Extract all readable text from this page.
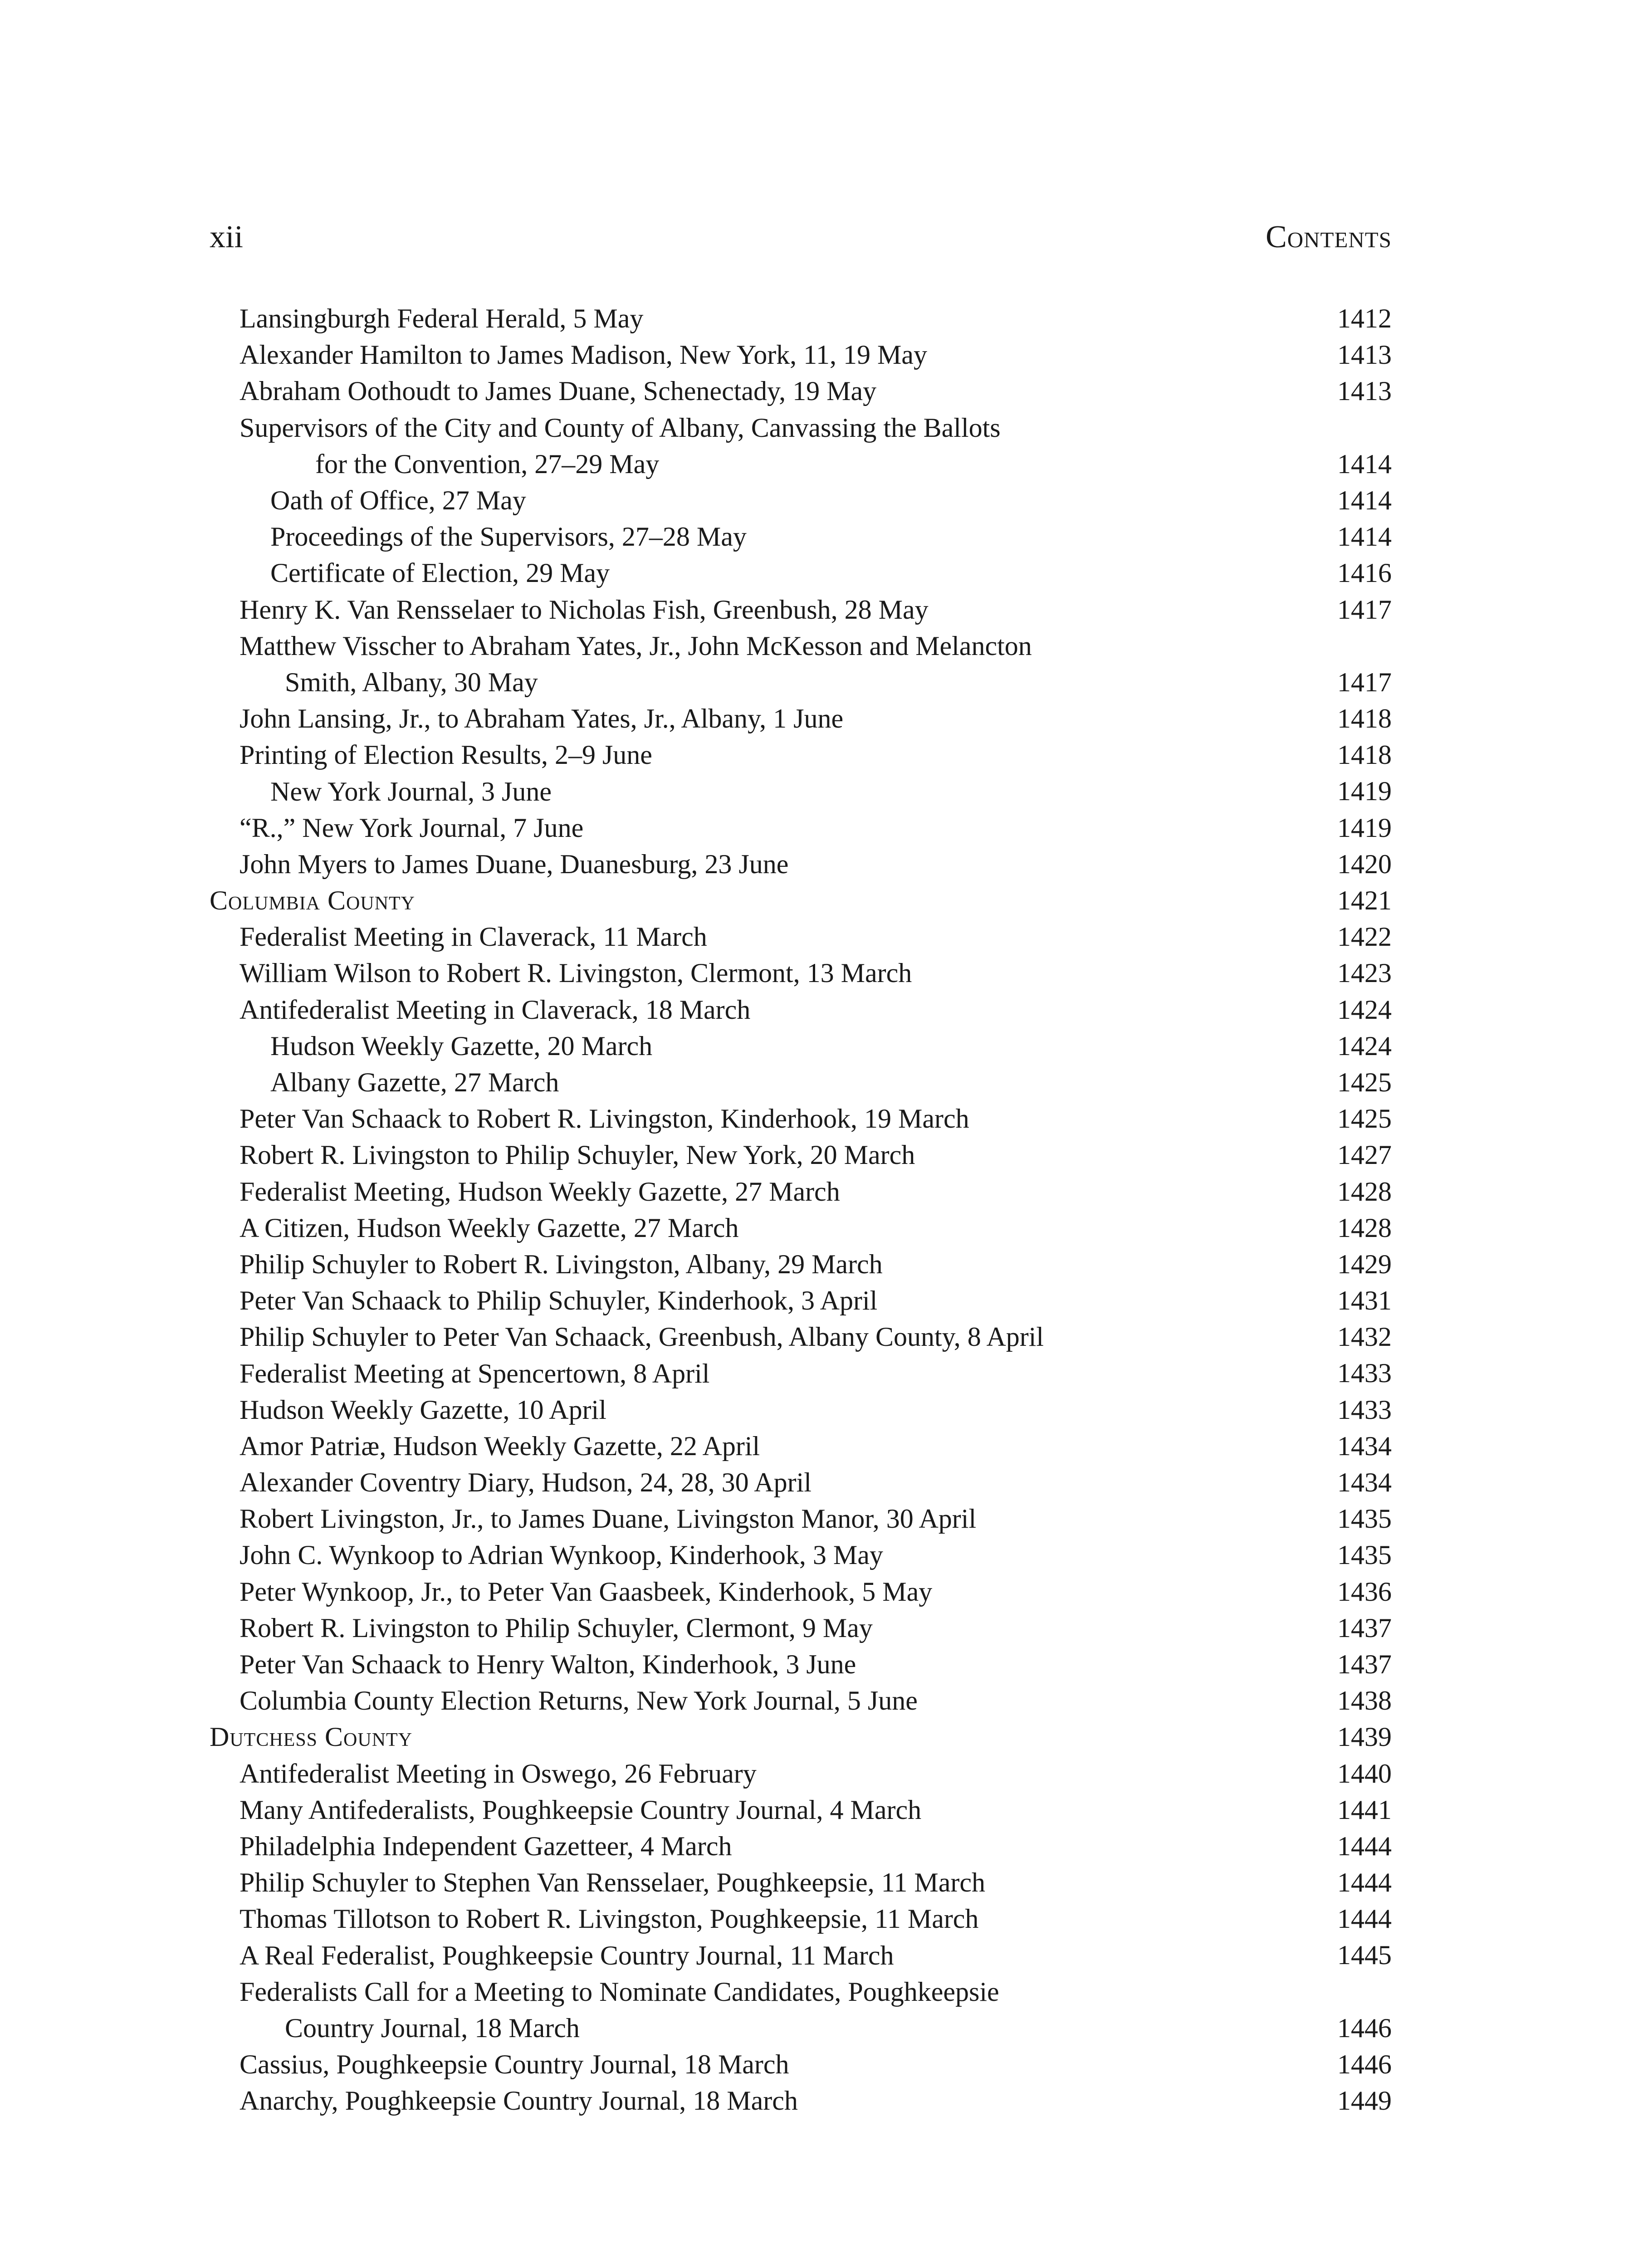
xii	Contents
Lansingburgh Federal Herald, 5 May	1412
Alexander Hamilton to James Madison, New York, 11, 19 May	1413
Abraham Oothoudt to James Duane, Schenectady, 19 May	1413
Supervisors of the City and County of Albany, Canvassing the Ballots
for the Convention, 27–29 May	1414
Oath of Office, 27 May	1414
Proceedings of the Supervisors, 27–28 May	1414
Certificate of Election, 29 May	1416
Henry K. Van Rensselaer to Nicholas Fish, Greenbush, 28 May	1417
Matthew Visscher to Abraham Yates, Jr., John McKesson and Melancton
Smith, Albany, 30 May	1417
John Lansing, Jr., to Abraham Yates, Jr., Albany, 1 June	1418
Printing of Election Results, 2–9 June	1418
New York Journal, 3 June	1419
“R.,” New York Journal, 7 June	1419
John Myers to James Duane, Duanesburg, 23 June	1420
Columbia County	1421
Federalist Meeting in Claverack, 11 March	1422
William Wilson to Robert R. Livingston, Clermont, 13 March	1423
Antifederalist Meeting in Claverack, 18 March	1424
Hudson Weekly Gazette, 20 March	1424
Albany Gazette, 27 March	1425
Peter Van Schaack to Robert R. Livingston, Kinderhook, 19 March	1425
Robert R. Livingston to Philip Schuyler, New York, 20 March	1427
Federalist Meeting, Hudson Weekly Gazette, 27 March	1428
A Citizen, Hudson Weekly Gazette, 27 March	1428
Philip Schuyler to Robert R. Livingston, Albany, 29 March	1429
Peter Van Schaack to Philip Schuyler, Kinderhook, 3 April	1431
Philip Schuyler to Peter Van Schaack, Greenbush, Albany County, 8 April	1432
Federalist Meeting at Spencertown, 8 April	1433
Hudson Weekly Gazette, 10 April	1433
Amor Patriæ, Hudson Weekly Gazette, 22 April	1434
Alexander Coventry Diary, Hudson, 24, 28, 30 April	1434
Robert Livingston, Jr., to James Duane, Livingston Manor, 30 April	1435
John C. Wynkoop to Adrian Wynkoop, Kinderhook, 3 May	1435
Peter Wynkoop, Jr., to Peter Van Gaasbeek, Kinderhook, 5 May	1436
Robert R. Livingston to Philip Schuyler, Clermont, 9 May	1437
Peter Van Schaack to Henry Walton, Kinderhook, 3 June	1437
Columbia County Election Returns, New York Journal, 5 June	1438
Dutchess County	1439
Antifederalist Meeting in Oswego, 26 February	1440
Many Antifederalists, Poughkeepsie Country Journal, 4 March	1441
Philadelphia Independent Gazetteer, 4 March	1444
Philip Schuyler to Stephen Van Rensselaer, Poughkeepsie, 11 March	1444
Thomas Tillotson to Robert R. Livingston, Poughkeepsie, 11 March	1444
A Real Federalist, Poughkeepsie Country Journal, 11 March	1445
Federalists Call for a Meeting to Nominate Candidates, Poughkeepsie
Country Journal, 18 March	1446
Cassius, Poughkeepsie Country Journal, 18 March	1446
Anarchy, Poughkeepsie Country Journal, 18 March	1449
